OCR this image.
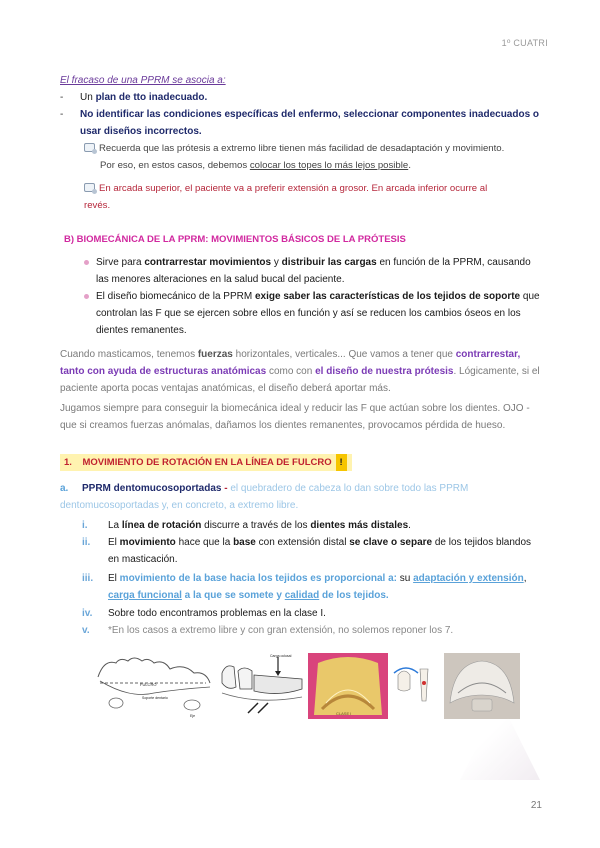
1º CUATRI
El fracaso de una PPRM se asocia a:
- Un plan de tto inadecuado.
-	No identificar las condiciones específicas del enfermo, seleccionar componentes inadecuados o usar diseños incorrectos.
Recuerda que las prótesis a extremo libre tienen más facilidad de desadaptación y movimiento.
Por eso, en estos casos, debemos colocar los topes lo más lejos posible.
En arcada superior, el paciente va a preferir extensión a grosor. En arcada inferior ocurre al
revés.
B) BIOMECÁNICA DE LA PPRM: MOVIMIENTOS BÁSICOS DE LA PRÓTESIS
Sirve para contrarrestar movimientos y distribuir las cargas en función de la PPRM, causando las menores alteraciones en la salud bucal del paciente.
El diseño biomecánico de la PPRM exige saber las características de los tejidos de soporte que controlan las F que se ejercen sobre ellos en función y así se reducen los cambios óseos en los dientes remanentes.
Cuando masticamos, tenemos fuerzas horizontales, verticales... Que vamos a tener que contrarrestar, tanto con ayuda de estructuras anatómicas como con el diseño de nuestra prótesis. Lógicamente, si el paciente aporta pocas ventajas anatómicas, el diseño deberá aportar más.
Jugamos siempre para conseguir la biomecánica ideal y reducir las F que actúan sobre los dientes. OJO - que si creamos fuerzas anómalas, dañamos los dientes remanentes, provocamos pérdida de hueso.
1. MOVIMIENTO DE ROTACIÓN EN LA LÍNEA DE FULCRO !
a. PPRM dentomucosoportadas - el quebradero de cabeza lo dan sobre todo las PPRM dentomucosoportadas y, en concreto, a extremo libre.
i. La línea de rotación discurre a través de los dientes más distales.
ii. El movimiento hace que la base con extensión distal se clave o separe de los tejidos blandos en masticación.
iii. El movimiento de la base hacia los tejidos es proporcional a: su adaptación y extensión, carga funcional a la que se somete y calidad de los tejidos.
iv. Sobre todo encontramos problemas en la clase I.
v. *En los casos a extremo libre y con gran extensión, no solemos reponer los 7.
FULCRO
Soporte dentario
Eje
Carga oclusal
CLASE I
21
